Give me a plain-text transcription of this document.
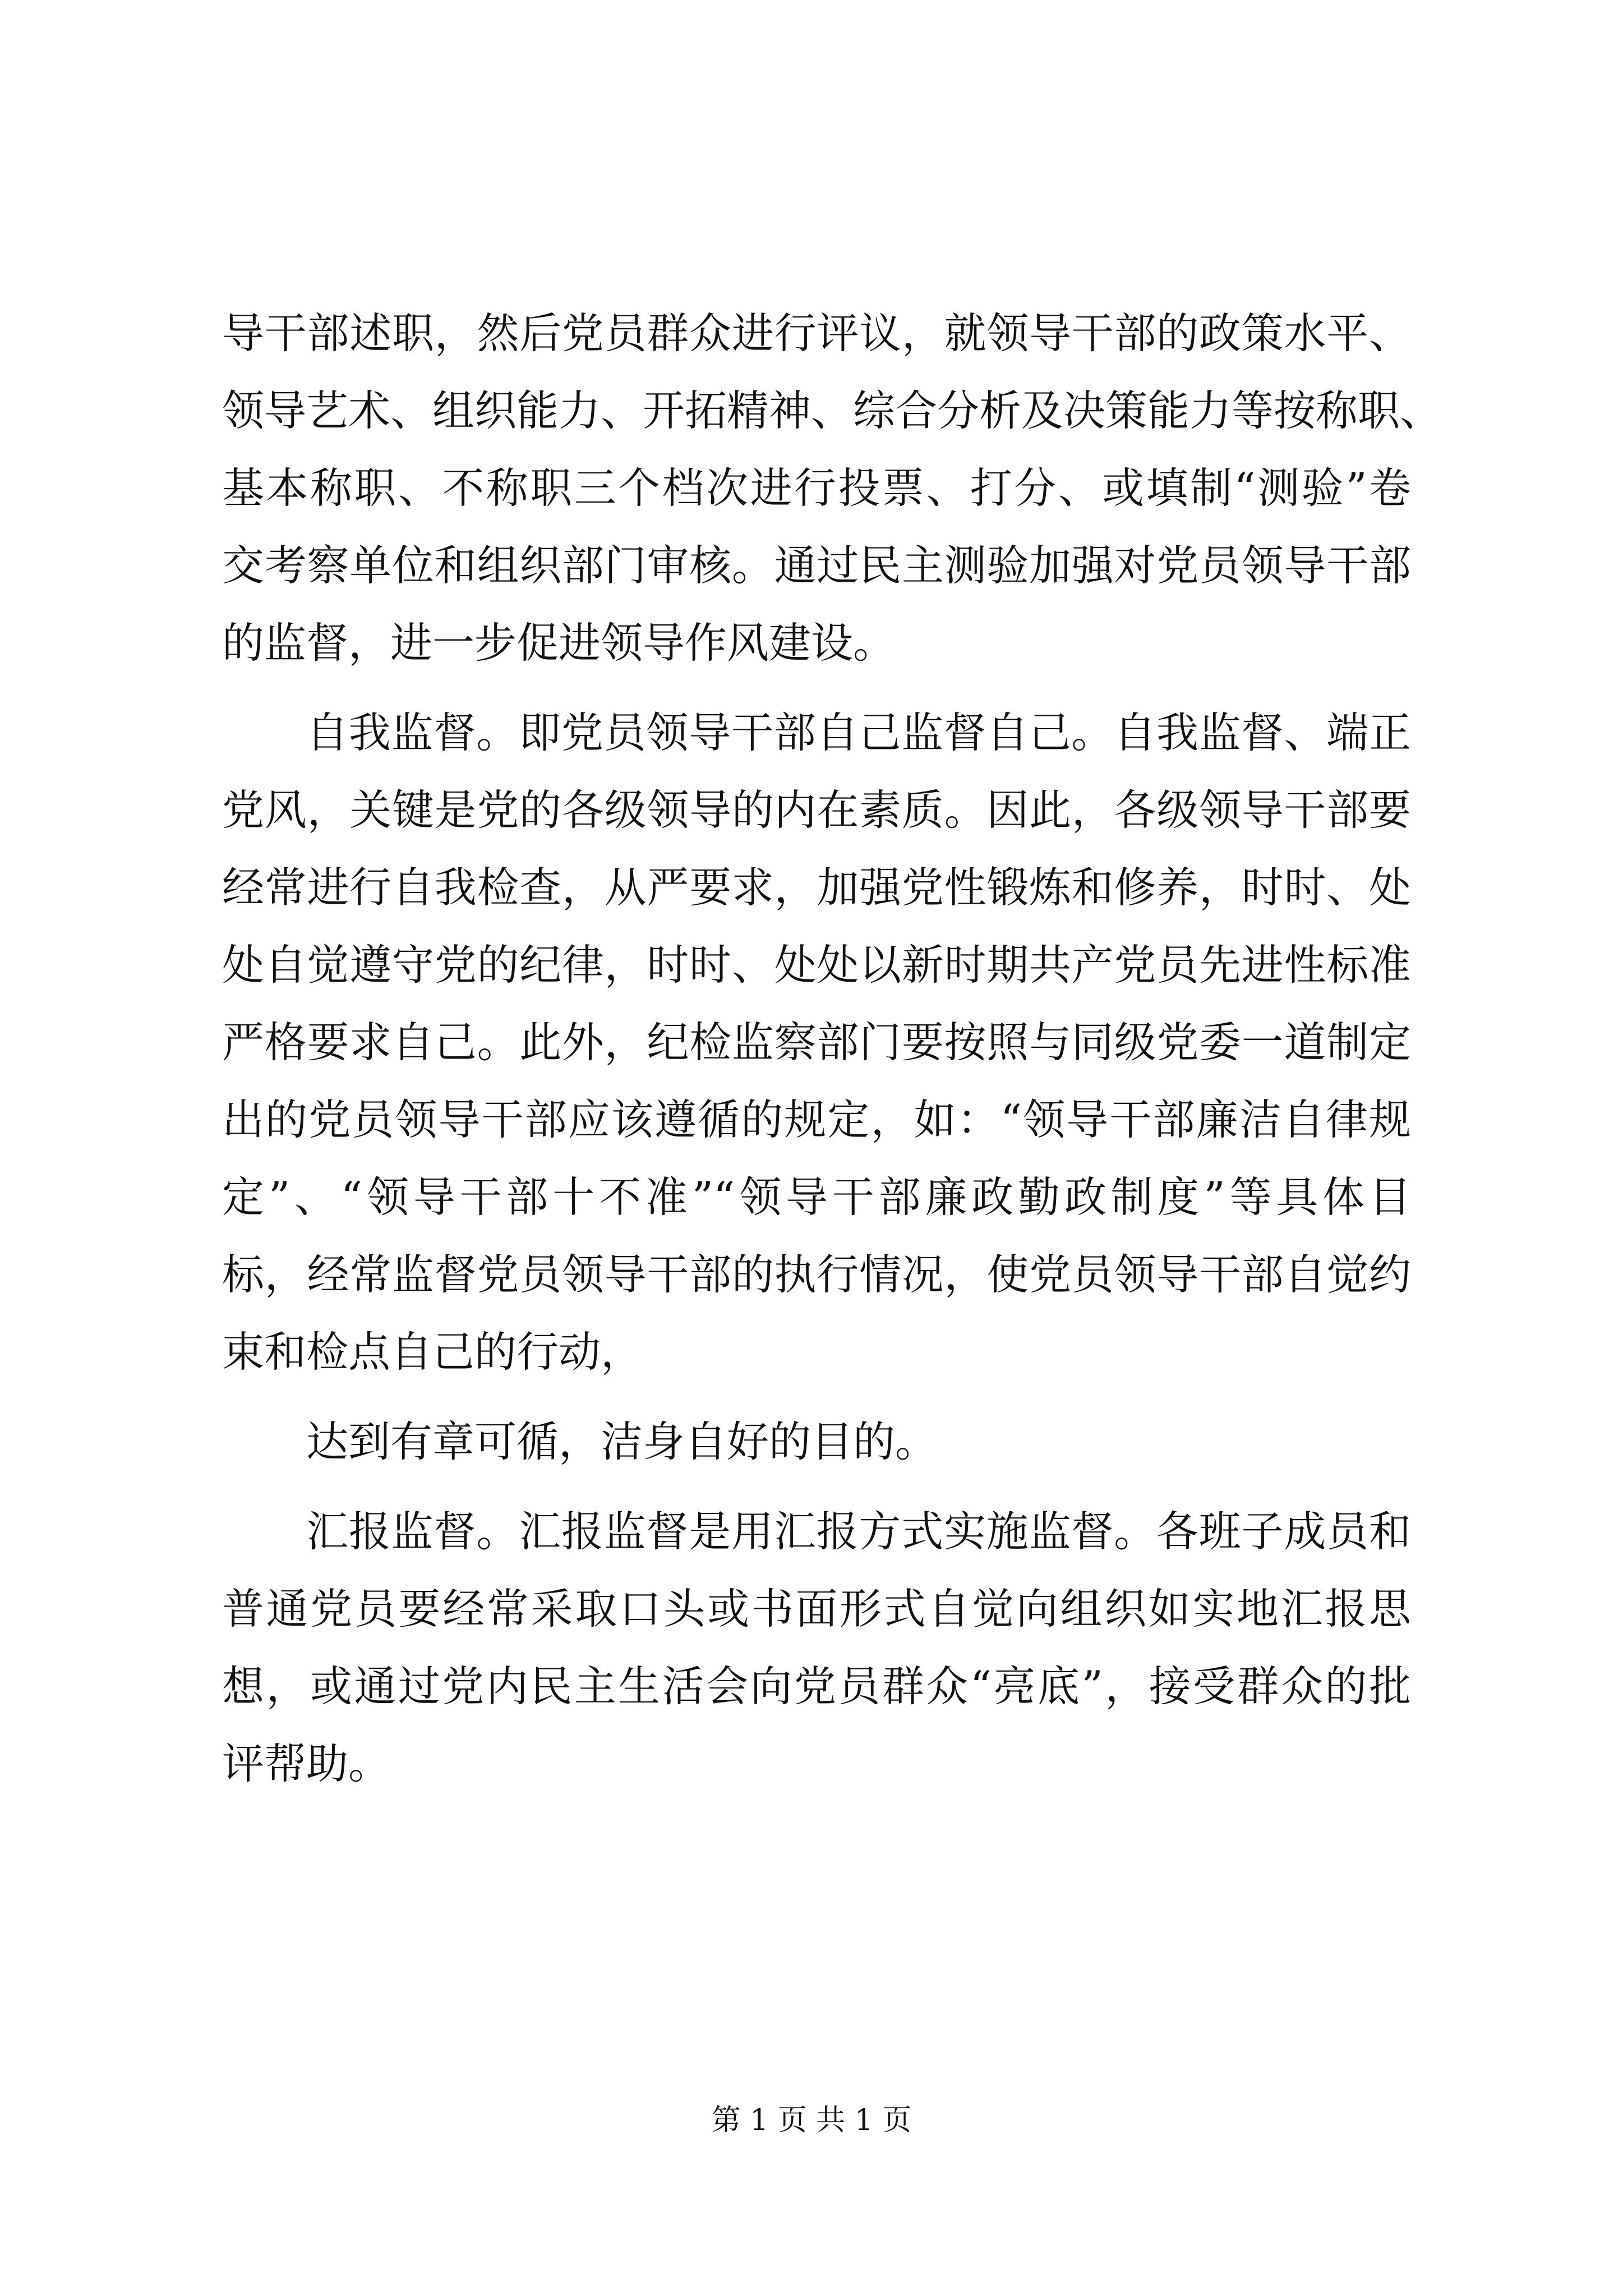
导干部述职，然后党员群众进行评议，就领导干部的政策水平、
领导艺术、组织能力、开拓精神、综合分析及决策能力等按称职、
基本称职、不称职三个档次进行投票、打分、或填制“测验”卷
交考察单位和组织部门审核。通过民主测验加强对党员领导干部
的监督，进一步促进领导作风建设。
自我监督。即党员领导干部自己监督自己。自我监督、端正
党风，关键是党的各级领导的内在素质。因此，各级领导干部要
经常进行自我检查，从严要求，加强党性锻炼和修养，时时、处
处自觉遵守党的纪律，时时、处处以新时期共产党员先进性标准
严格要求自己。此外，纪检监察部门要按照与同级党委一道制定
出的党员领导干部应该遵循的规定，如：“领导干部廉洁自律规
定”、“领导干部十不准”“领导干部廉政勤政制度”等具体目
标，经常监督党员领导干部的执行情况，使党员领导干部自觉约
束和检点自己的行动，
达到有章可循，洁身自好的目的。
汇报监督。汇报监督是用汇报方式实施监督。各班子成员和
普通党员要经常采取口头或书面形式自觉向组织如实地汇报思
想，或通过党内民主生活会向党员群众“亮底”，接受群众的批
评帮助。
第 1 页 共 1 页
